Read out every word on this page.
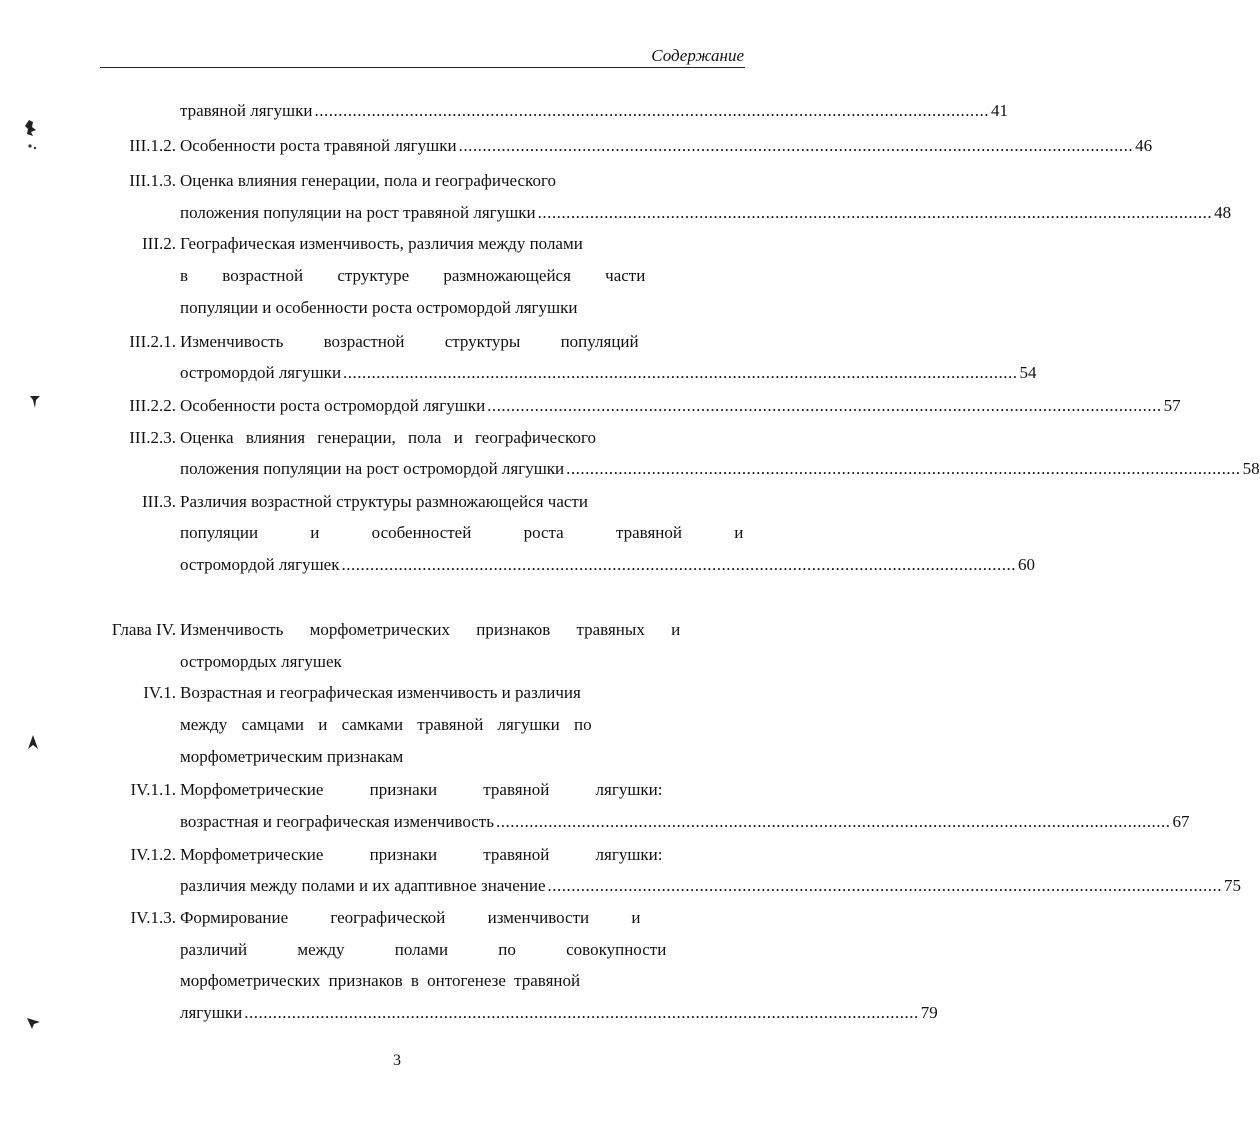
Содержание
травяной лягушки .............................................................................................................................................. 41
III.1.2. Особенности роста травяной лягушки .............................................................................................................................................. 46
III.1.3. Оценка влияния генерации, пола и географического
положения популяции на рост травяной лягушки .............................................................................................................................................. 48
III.2. Географическая изменчивость, различия между полами
в возрастной структуре размножающейся части
популяции и особенности роста остромордой лягушки
III.2.1. Изменчивость возрастной структуры популяций
остромордой лягушки .............................................................................................................................................. 54
III.2.2. Особенности роста остромордой лягушки .............................................................................................................................................. 57
III.2.3. Оценка влияния генерации, пола и географического
положения популяции на рост остромордой лягушки .............................................................................................................................................. 58
III.3. Различия возрастной структуры размножающейся части
популяции и особенностей роста травяной и
остромордой лягушек .............................................................................................................................................. 60
Глава IV. Изменчивость морфометрических признаков травяных и
остромордых лягушек
IV.1. Возрастная и географическая изменчивость и различия
между самцами и самками травяной лягушки по
морфометрическим признакам
IV.1.1. Морфометрические признаки травяной лягушки:
возрастная и географическая изменчивость .............................................................................................................................................. 67
IV.1.2. Морфометрические признаки травяной лягушки:
различия между полами и их адаптивное значение .............................................................................................................................................. 75
IV.1.3. Формирование географической изменчивости и
различий между полами по совокупности
морфометрических признаков в онтогенезе травяной
лягушки .............................................................................................................................................. 79
3
